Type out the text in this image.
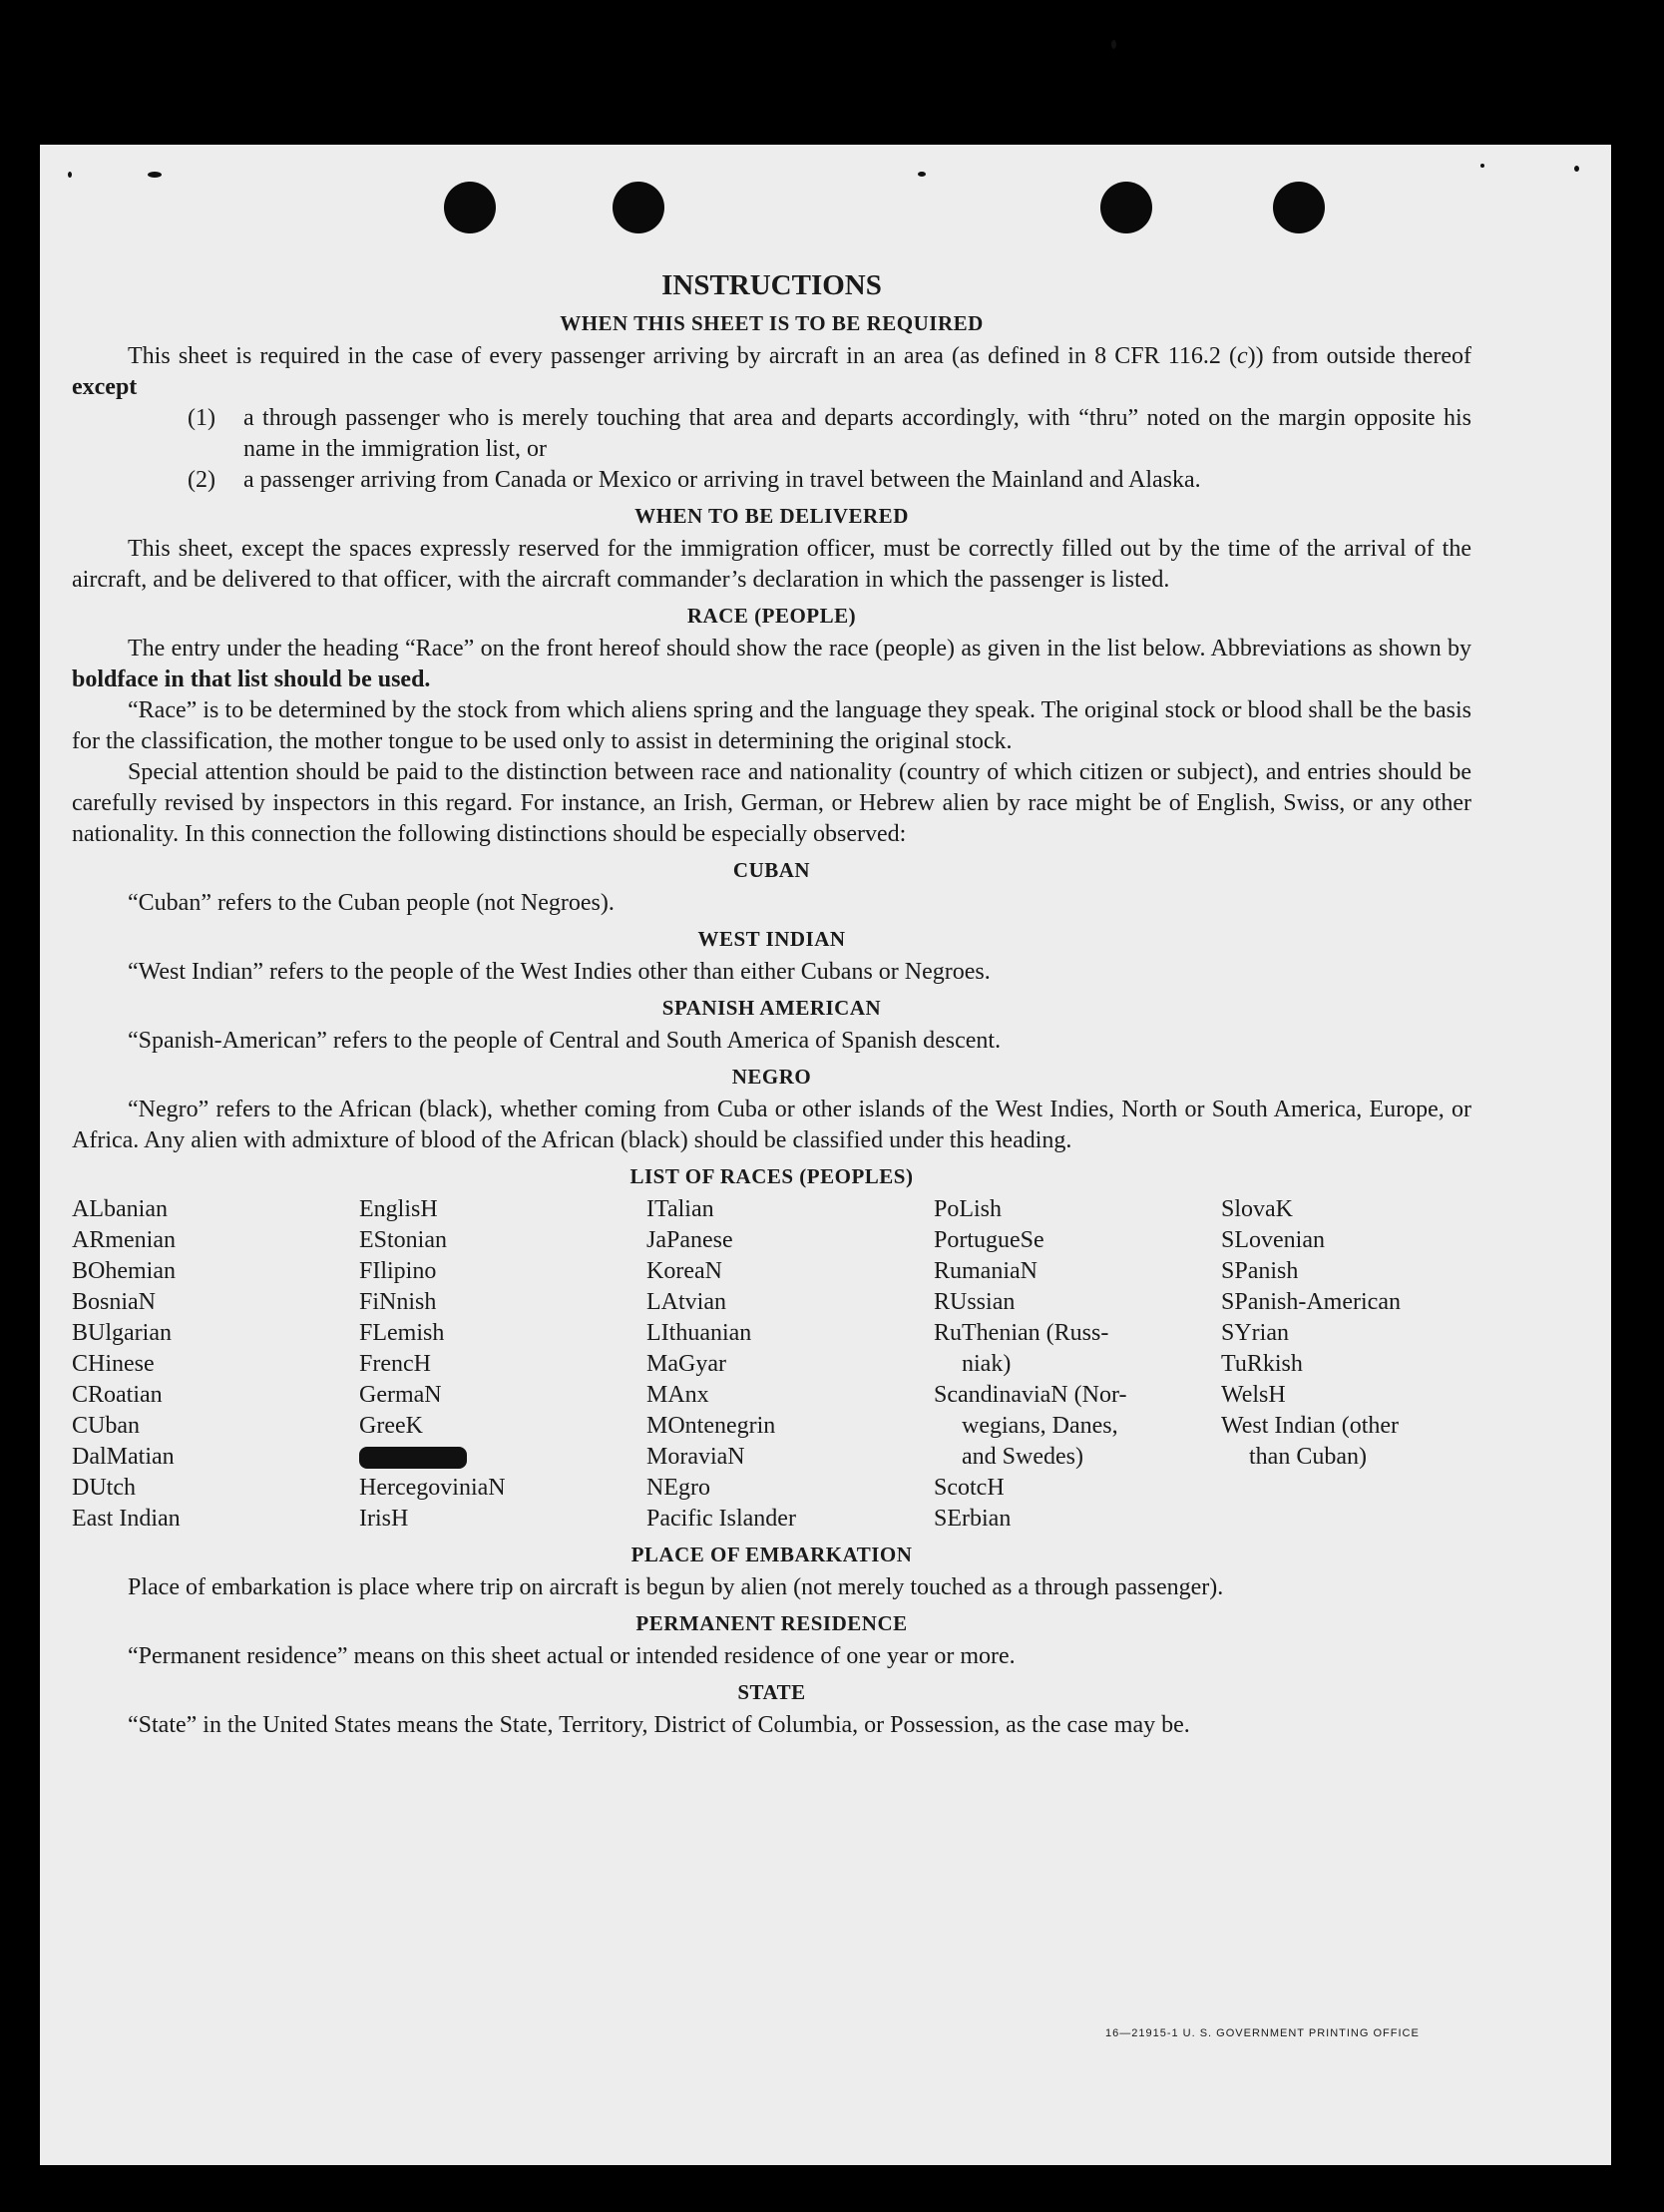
INSTRUCTIONS
WHEN THIS SHEET IS TO BE REQUIRED

This sheet is required in the case of every passenger arriving by aircraft in an area (as defined in 8 CFR 116.2 (c)) from outside thereof except

(1)	a through passenger who is merely touching that area and departs accordingly, with “thru” noted on the margin opposite his name in the immigration list, or
(2)	a passenger arriving from Canada or Mexico or arriving in travel between the Mainland and Alaska.
WHEN TO BE DELIVERED

This sheet, except the spaces expressly reserved for the immigration officer, must be correctly filled out by the time of the arrival of the aircraft, and be delivered to that officer, with the aircraft commander’s declaration in which the passenger is listed.

RACE (PEOPLE)

The entry under the heading “Race” on the front hereof should show the race (people) as given in the list below. Abbreviations as shown by boldface in that list should be used.

“Race” is to be determined by the stock from which aliens spring and the language they speak. The original stock or blood shall be the basis for the classification, the mother tongue to be used only to assist in determining the original stock.

Special attention should be paid to the distinction between race and nationality (country of which citizen or subject), and entries should be carefully revised by inspectors in this regard. For instance, an Irish, German, or Hebrew alien by race might be of English, Swiss, or any other nationality. In this connection the following distinctions should be especially observed:

CUBAN

“Cuban” refers to the Cuban people (not Negroes).

WEST INDIAN

“West Indian” refers to the people of the West Indies other than either Cubans or Negroes.

SPANISH AMERICAN

“Spanish-American” refers to the people of Central and South America of Spanish descent.

NEGRO

“Negro” refers to the African (black), whether coming from Cuba or other islands of the West Indies, North or South America, Europe, or Africa. Any alien with admixture of blood of the African (black) should be classified under this heading.

LIST OF RACES (PEOPLES)
ALbanian
ARmenian
BOhemian
BosniaN
BUlgarian
CHinese
CRoatian
CUban
DalMatian
DUtch
East Indian
EnglisH
EStonian
FIlipino
FiNnish
FLemish
FrencH
GermaN
GreeK
HercegoviniaN
IrisH
ITalian
JaPanese
KoreaN
LAtvian
LIthuanian
MaGyar
MAnx
MOntenegrin
MoraviaN
NEgro
Pacific Islander
PoLish
PortugueSe
RumaniaN
RUssian
RuThenian (Russ-
niak)
ScandinaviaN (Nor-
wegians, Danes,
and Swedes)
ScotcH
SErbian
SlovaK
SLovenian
SPanish
SPanish-American
SYrian
TuRkish
WelsH
West Indian (other
than Cuban)
PLACE OF EMBARKATION

Place of embarkation is place where trip on aircraft is begun by alien (not merely touched as a through passenger).

PERMANENT RESIDENCE

“Permanent residence” means on this sheet actual or intended residence of one year or more.

STATE

“State” in the United States means the State, Territory, District of Columbia, or Possession, as the case may be.

16—21915-1 U. S. GOVERNMENT PRINTING OFFICE
